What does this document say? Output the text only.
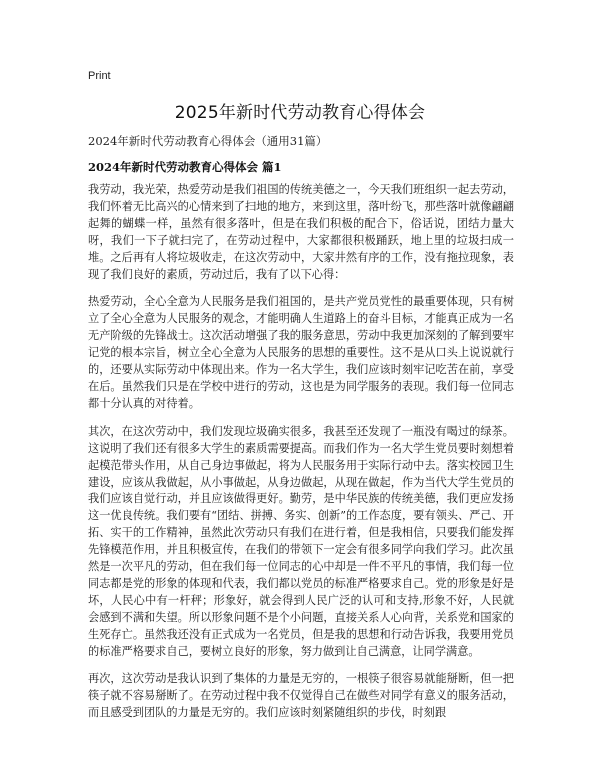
Print
2025年新时代劳动教育心得体会
2024年新时代劳动教育心得体会（通用31篇）
2024年新时代劳动教育心得体会 篇1

我劳动，我光荣，热爱劳动是我们祖国的传统美德之一，今天我们班组织一起去劳动，我们怀着无比高兴的心情来到了扫地的地方，来到这里，落叶纷飞，那些落叶就像翩翩起舞的蝴蝶一样，虽然有很多落叶，但是在我们积极的配合下，俗话说，团结力量大呀，我们一下子就扫完了，在劳动过程中，大家都很积极踊跃，地上里的垃圾扫成一堆。之后再有人将垃圾收走，在这次劳动中，大家井然有序的工作，没有拖拉现象，表现了我们良好的素质，劳动过后，我有了以下心得：

热爱劳动，全心全意为人民服务是我们祖国的，是共产党员党性的最重要体现，只有树立了全心全意为人民服务的观念，才能明确人生道路上的奋斗目标，才能真正成为一名无产阶级的先锋战士。这次活动增强了我的服务意思，劳动中我更加深刻的了解到要牢记党的根本宗旨，树立全心全意为人民服务的思想的重要性。这不是从口头上说说就行的，还要从实际劳动中体现出来。作为一名大学生，我们应该时刻牢记吃苦在前，享受在后。虽然我们只是在学校中进行的劳动，这也是为同学服务的表现。我们每一位同志都十分认真的对待着。

其次，在这次劳动中，我们发现垃圾确实很多，我甚至还发现了一瓶没有喝过的绿茶。这说明了我们还有很多大学生的素质需要提高。而我们作为一名大学生党员要时刻想着起模范带头作用，从自己身边事做起，将为人民服务用于实际行动中去。落实校园卫生建设，应该从我做起，从小事做起，从身边做起，从现在做起，作为当代大学生党员的我们应该自觉行动，并且应该做得更好。勤劳，是中华民族的传统美德，我们更应发扬这一优良传统。我们要有“团结、拼搏、务实、创新”的工作态度，要有领头、严己、开拓、实干的工作精神，虽然此次劳动只有我们在进行着，但是我相信，只要我们能发挥先锋模范作用，并且积极宣传，在我们的带领下一定会有很多同学向我们学习。此次虽然是一次平凡的劳动，但在我们每一位同志的心中却是一件不平凡的事情，我们每一位同志都是党的形象的体现和代表，我们都以党员的标准严格要求自己。党的形象是好是坏，人民心中有一杆秤；形象好，就会得到人民广泛的认可和支持,形象不好，人民就会感到不满和失望。所以形象问题不是个小问题，直接关系人心向背，关系党和国家的生死存亡。虽然我还没有正式成为一名党员，但是我的思想和行动告诉我，我要用党员的标准严格要求自己，要树立良好的形象，努力做到让自己满意，让同学满意。

再次，这次劳动是我认识到了集体的力量是无穷的，一根筷子很容易就能掰断，但一把筷子就不容易掰断了。在劳动过程中我不仅觉得自己在做些对同学有意义的服务活动，而且感受到团队的力量是无穷的。我们应该时刻紧随组织的步伐，时刻跟
